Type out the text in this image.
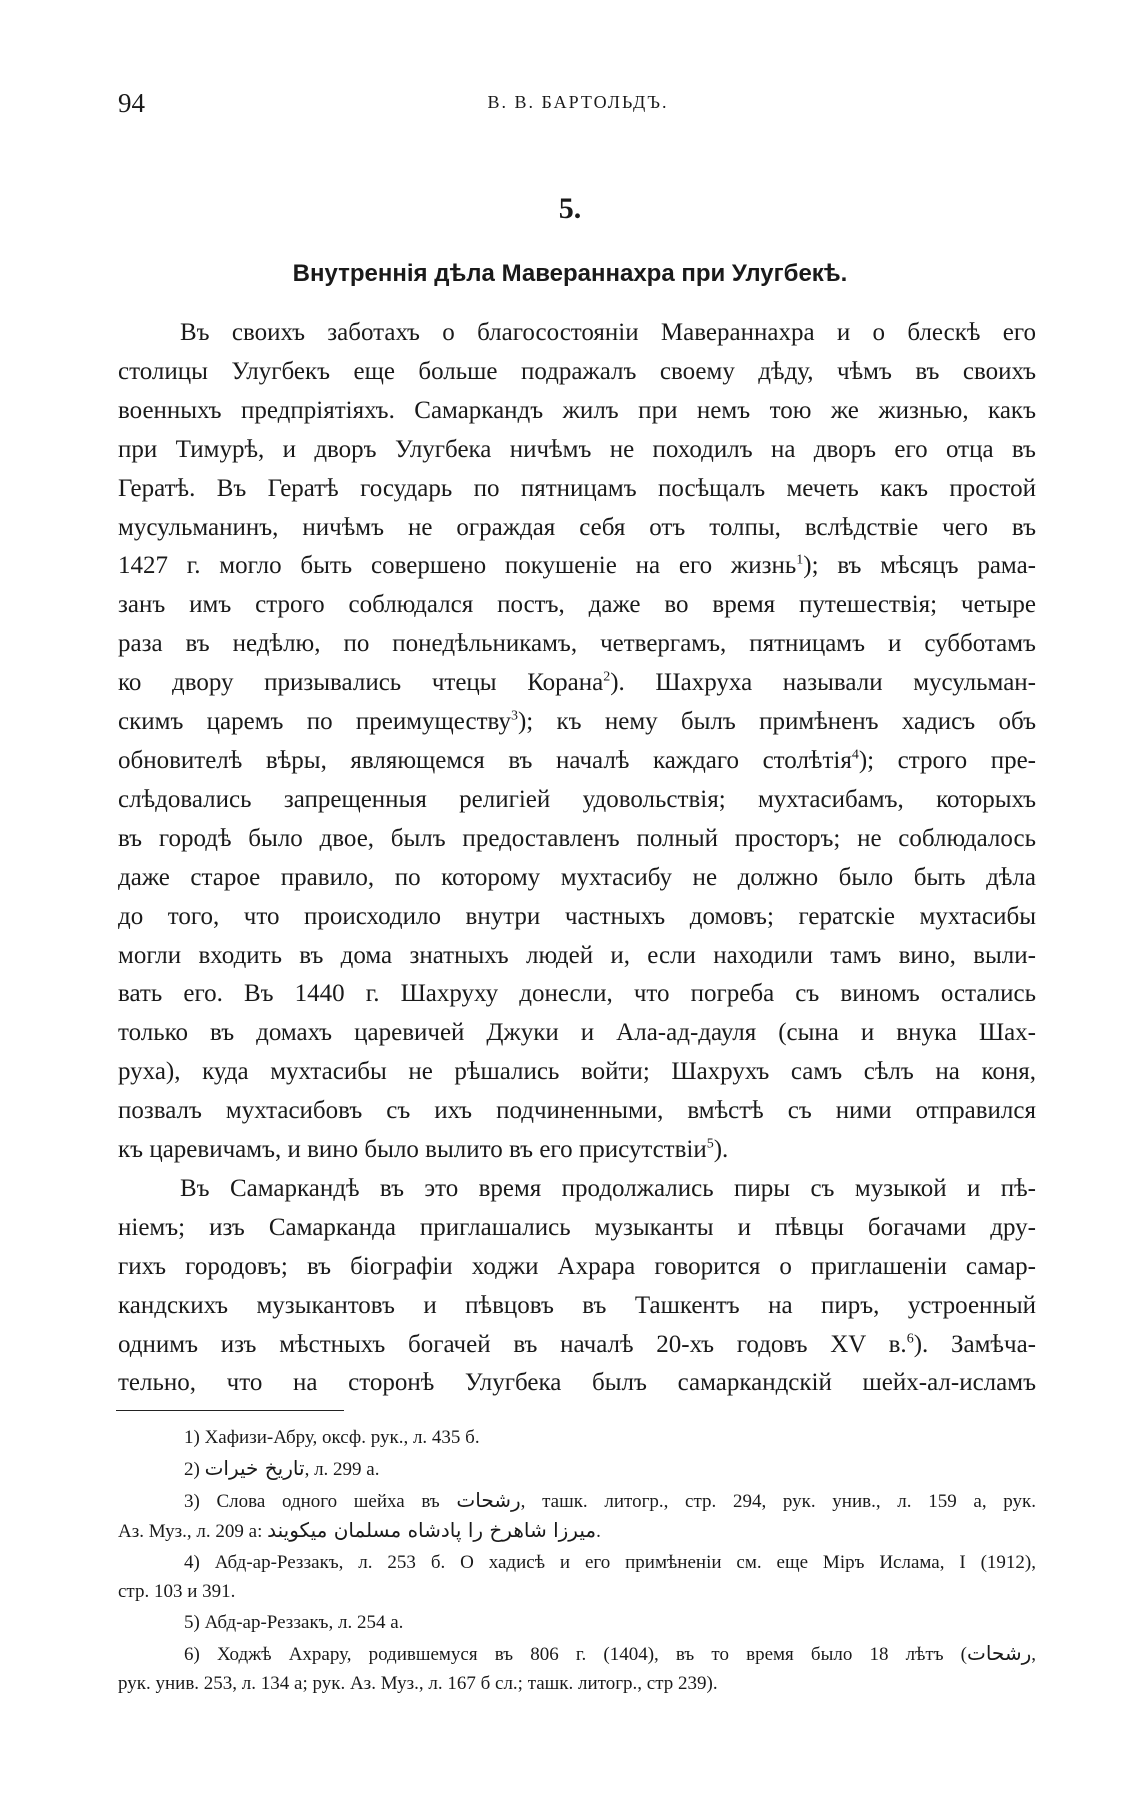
94	В. В. БАРТОЛЬДЪ.
5.
Внутреннія дѣла Мавераннахра при Улугбекѣ.

Въ своихъ заботахъ о благосостояніи Мавераннахра и о блескѣ его
столицы Улугбекъ еще больше подражалъ своему дѣду, чѣмъ въ своихъ
военныхъ предпріятіяхъ. Самаркандъ жилъ при немъ тою же жизнью, какъ
при Тимурѣ, и дворъ Улугбека ничѣмъ не походилъ на дворъ его отца въ
Гератѣ. Въ Гератѣ государь по пятницамъ посѣщалъ мечеть какъ простой
мусульманинъ, ничѣмъ не ограждая себя отъ толпы, вслѣдствіе чего въ
1427 г. могло быть совершено покушеніе на его жизнь$^1$); въ мѣсяцъ рама-
занъ имъ строго соблюдался постъ, даже во время путешествія; четыре
раза въ недѣлю, по понедѣльникамъ, четвергамъ, пятницамъ и субботамъ
ко двору призывались чтецы Корана$^2$). Шахруха называли мусульман-
скимъ царемъ по преимуществу$^3$); къ нему былъ примѣненъ хадисъ объ
обновителѣ вѣры, являющемся въ началѣ каждаго столѣтія$^4$); строго пре-
слѣдовались запрещенныя религіей удовольствія; мухтасибамъ, которыхъ
въ городѣ было двое, былъ предоставленъ полный просторъ; не соблюдалось
даже старое правило, по которому мухтасибу не должно было быть дѣла
до того, что происходило внутри частныхъ домовъ; гератскіе мухтасибы
могли входить въ дома знатныхъ людей и, если находили тамъ вино, выли-
вать его. Въ 1440 г. Шахруху донесли, что погреба съ виномъ остались
только въ домахъ царевичей Джуки и Ала-ад-дауля (сына и внука Шах-
руха), куда мухтасибы не рѣшались войти; Шахрухъ самъ сѣлъ на коня,
позвалъ мухтасибовъ съ ихъ подчиненными, вмѣстѣ съ ними отправился
къ царевичамъ, и вино было вылито въ его присутствіи$^5$).

Въ Самаркандѣ въ это время продолжались пиры съ музыкой и пѣ-
ніемъ; изъ Самарканда приглашались музыканты и пѣвцы богачами дру-
гихъ городовъ; въ біографіи ходжи Ахрара говорится о приглашеніи самар-
кандскихъ музыкантовъ и пѣвцовъ въ Ташкентъ на пиръ, устроенный
однимъ изъ мѣстныхъ богачей въ началѣ 20-хъ годовъ XV в.$^6$). Замѣча-
тельно, что на сторонѣ Улугбека былъ самаркандскій шейх-ал-исламъ

1) Хафизи-Абру, оксф. рук., л. 435 б.
2) تاریخ خیرات, л. 299 а.
3) Слова одного шейха въ رشحات, ташк. литогр., стр. 294, рук. унив., л. 159 а, рук.
Аз. Муз., л. 209 а: میرزا شاهرخ را پادشاه مسلمان میکویند.
4) Абд-ар-Реззакъ, л. 253 б. О хадисѣ и его примѣненіи см. еще Міръ Ислама, I (1912),
стр. 103 и 391.
5) Абд-ар-Реззакъ, л. 254 а.
6) Ходжѣ Ахрару, родившемуся въ 806 г. (1404), въ то время было 18 лѣтъ (رشحات,
рук. унив. 253, л. 134 а; рук. Аз. Муз., л. 167 б сл.; ташк. литогр., стр 239).
